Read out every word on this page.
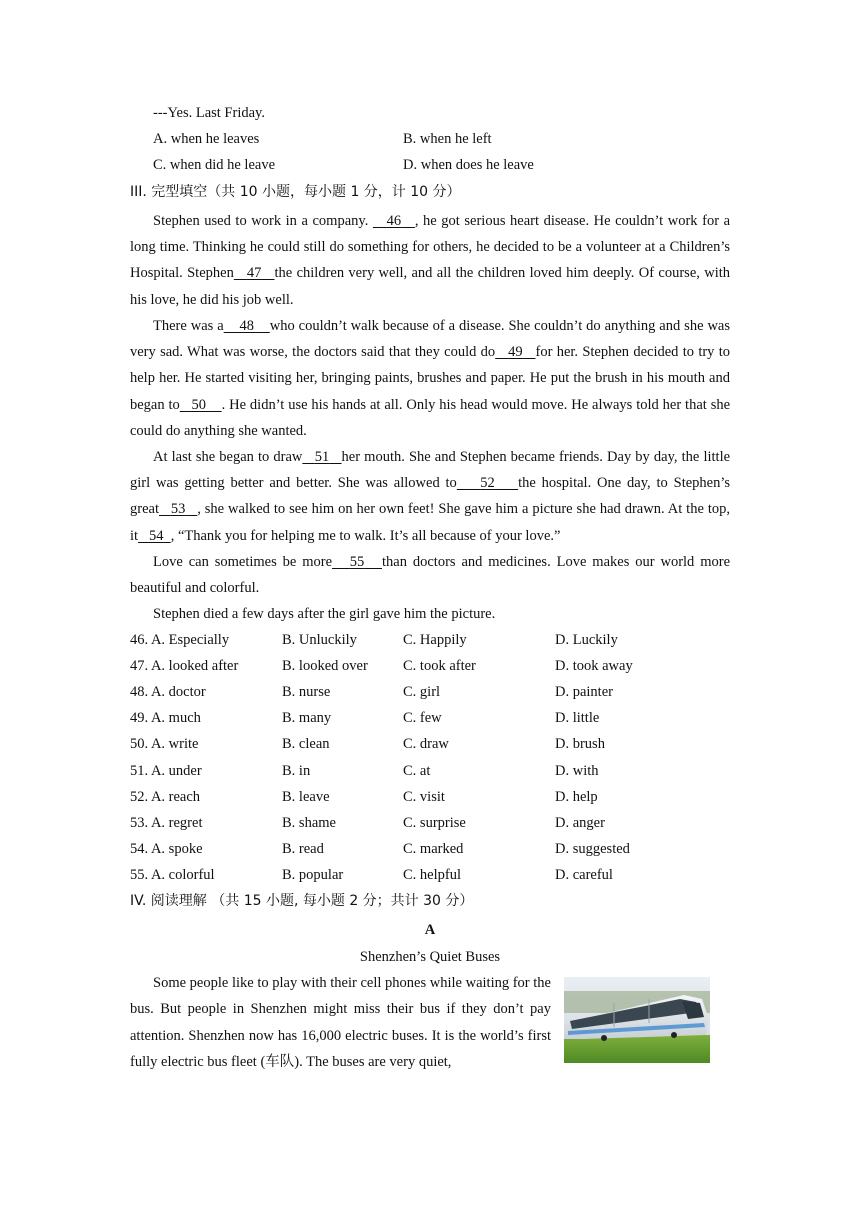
---Yes. Last Friday.
A. when he leaves	B. when he left
C. when did he leave	D. when does he leave
III. 完型填空（共 10 小题，每小题 1 分，计 10 分）
Stephen used to work in a company.    46 , he got serious heart disease. He couldn’t work for a long time. Thinking he could still do something for others, he decided to be a volunteer at a Children’s Hospital. Stephen 47 the children very well, and all the children loved him deeply. Of course, with his love, he did his job well.
There was a 48 who couldn’t walk because of a disease. She couldn’t do anything and she was very sad. What was worse, the doctors said that they could do 49 for her. Stephen decided to try to help her. He started visiting her, bringing paints, brushes and paper. He put the brush in his mouth and began to 50 . He didn’t use his hands at all. Only his head would move. He always told her that she could do anything she wanted.
At last she began to draw 51 her mouth. She and Stephen became friends. Day by day, the little girl was getting better and better. She was allowed to 52 the hospital. One day, to Stephen’s great 53 , she walked to see him on her own feet! She gave him a picture she had drawn. At the top, it 54 , “Thank you for helping me to walk. It’s all because of your love.”
Love can sometimes be more 55 than doctors and medicines. Love makes our world more beautiful and colorful.
Stephen died a few days after the girl gave him the picture.
46. A. Especially	B. Unluckily	C. Happily	D. Luckily
47. A. looked after	B. looked over C. took after	D. took away
48. A. doctor	B. nurse	C. girl	D. painter
49. A. much	B. many	C. few	D. little
50. A. write	B. clean	C. draw	D. brush
51. A. under	B. in	C. at	D. with
52. A. reach	B. leave	C. visit	D. help
53. A. regret	B. shame	C. surprise	D. anger
54. A. spoke	B. read	C. marked	D. suggested
55. A. colorful	B. popular	C. helpful	D. careful
IV. 阅读理解 （共 15 小题, 每小题 2 分；共计 30 分）
A
Shenzhen’s Quiet Buses
Some people like to play with their cell phones while waiting for the bus. But people in Shenzhen might miss their bus if they don’t pay attention. Shenzhen now has 16,000 electric buses. It is the world’s first fully electric bus fleet (车队). The buses are very quiet,
